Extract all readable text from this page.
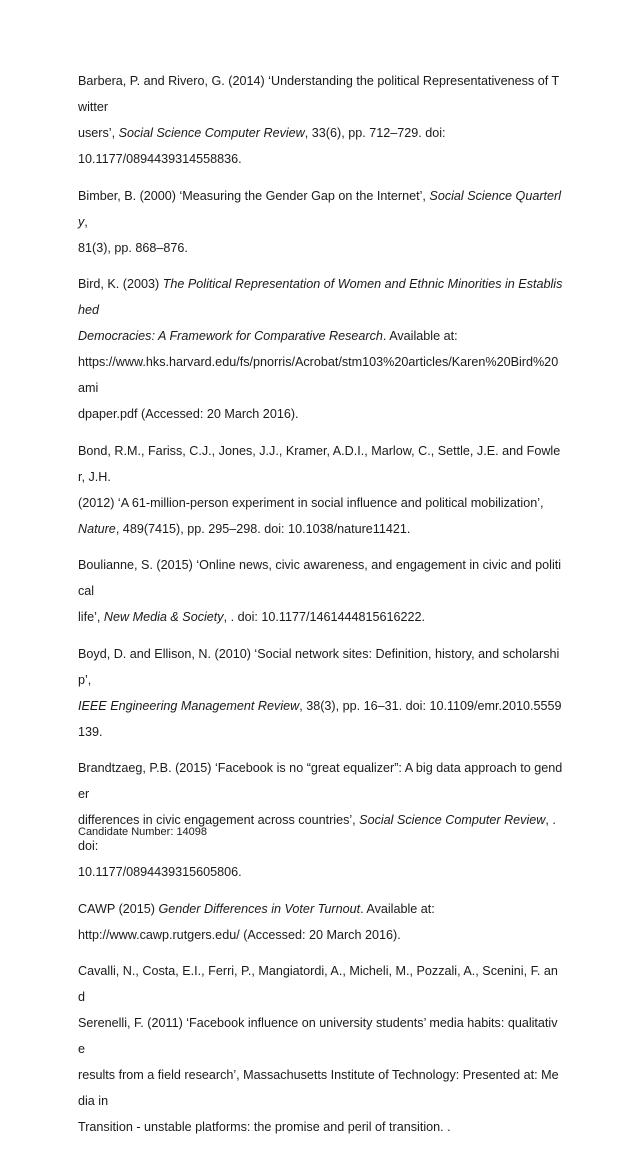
Barbera, P. and Rivero, G. (2014) ‘Understanding the political Representativeness of Twitter
users’, Social Science Computer Review, 33(6), pp. 712–729. doi:
10.1177/0894439314558836.
Bimber, B. (2000) ‘Measuring the Gender Gap on the Internet’, Social Science Quarterly,
81(3), pp. 868–876.
Bird, K. (2003) The Political Representation of Women and Ethnic Minorities in Established
Democracies: A Framework for Comparative Research. Available at:
https://www.hks.harvard.edu/fs/pnorris/Acrobat/stm103%20articles/Karen%20Bird%20ami
dpaper.pdf (Accessed: 20 March 2016).
Bond, R.M., Fariss, C.J., Jones, J.J., Kramer, A.D.I., Marlow, C., Settle, J.E. and Fowler, J.H.
(2012) ‘A 61-million-person experiment in social influence and political mobilization’,
Nature, 489(7415), pp. 295–298. doi: 10.1038/nature11421.
Boulianne, S. (2015) ‘Online news, civic awareness, and engagement in civic and political
life’, New Media & Society, . doi: 10.1177/1461444815616222.
Boyd, D. and Ellison, N. (2010) ‘Social network sites: Definition, history, and scholarship’,
IEEE Engineering Management Review, 38(3), pp. 16–31. doi: 10.1109/emr.2010.5559139.
Brandtzaeg, P.B. (2015) ‘Facebook is no “great equalizer”: A big data approach to gender
differences in civic engagement across countries’, Social Science Computer Review, . doi:
10.1177/0894439315605806.
CAWP (2015) Gender Differences in Voter Turnout. Available at:
http://www.cawp.rutgers.edu/ (Accessed: 20 March 2016).
Cavalli, N., Costa, E.I., Ferri, P., Mangiatordi, A., Micheli, M., Pozzali, A., Scenini, F. and
Serenelli, F. (2011) ‘Facebook influence on university students’ media habits: qualitative
results from a field research’, Massachusetts Institute of Technology: Presented at: Media in
Transition - unstable platforms: the promise and peril of transition. .
Candidate Number: 14098
